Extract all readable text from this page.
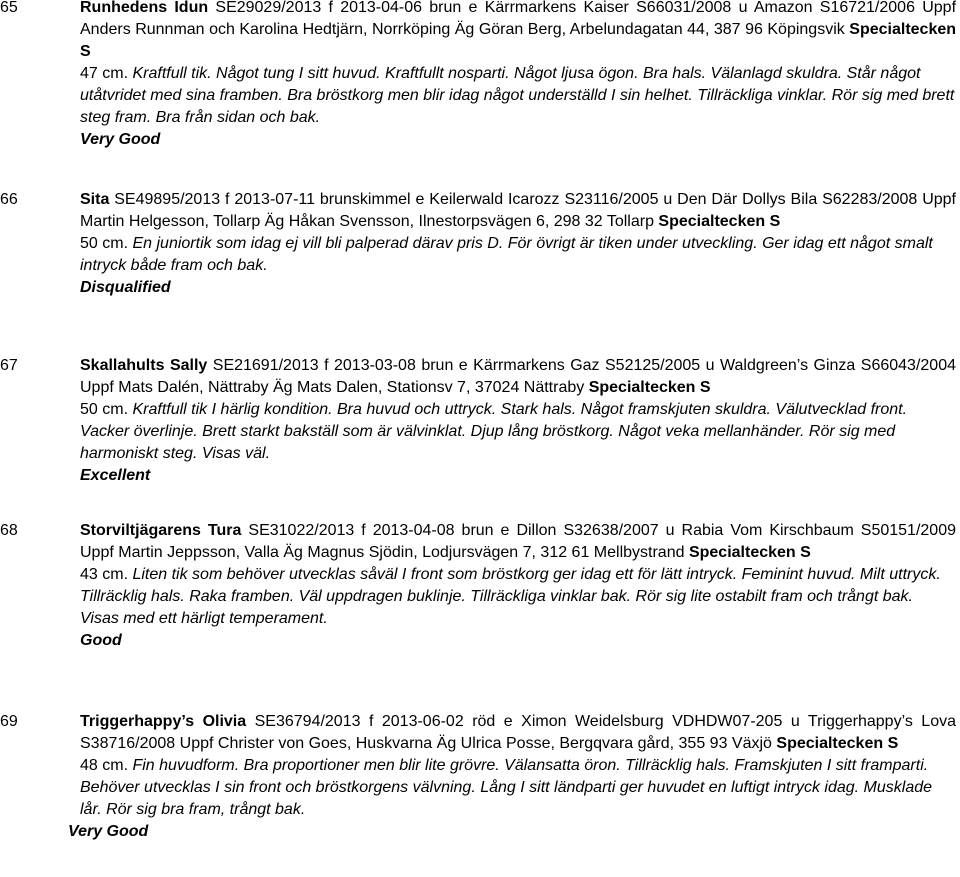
65	Runhedens Idun SE29029/2013 f 2013-04-06 brun e Kärrmarkens Kaiser S66031/2008 u Amazon S16721/2006 Uppf Anders Runnman och Karolina Hedtjärn, Norrköping Äg Göran Berg, Arbelundagatan 44, 387 96 Köpingsvik Specialtecken S
47 cm. Kraftfull tik. Något tung I sitt huvud. Kraftfullt nosparti. Något ljusa ögon. Bra hals. Välanlagd skuldra. Står något utåtvridet med sina framben. Bra bröstkorg men blir idag något underställd I sin helhet. Tillräckliga vinklar. Rör sig med brett steg fram. Bra från sidan och bak.
Very Good
66	Sita SE49895/2013 f 2013-07-11 brunskimmel e Keilerwald Icarozz S23116/2005 u Den Där Dollys Bila S62283/2008 Uppf Martin Helgesson, Tollarp Äg Håkan Svensson, Ilnestorpsvägen 6, 298 32 Tollarp Specialtecken S
50 cm. En juniortik som idag ej vill bli palperad därav pris D. För övrigt är tiken under utveckling. Ger idag ett något smalt intryck både fram och bak.
Disqualified
67	Skallahults Sally SE21691/2013 f 2013-03-08 brun e Kärrmarkens Gaz S52125/2005 u Waldgreen’s Ginza S66043/2004 Uppf Mats Dalén, Nättraby Äg Mats Dalen, Stationsv 7, 37024 Nättraby Specialtecken S
50 cm. Kraftfull tik I härlig kondition. Bra huvud och uttryck. Stark hals. Något framskjuten skuldra. Välutvecklad front. Vacker överlinje. Brett starkt bakställ som är välvinklat. Djup lång bröstkorg. Något veka mellanhänder. Rör sig med harmoniskt steg. Visas väl.
Excellent
68	Storviltjägarens Tura SE31022/2013 f 2013-04-08 brun e Dillon S32638/2007 u Rabia Vom Kirschbaum S50151/2009 Uppf Martin Jeppsson, Valla Äg Magnus Sjödin, Lodjursvägen 7, 312 61 Mellbystrand Specialtecken S
43 cm. Liten tik som behöver utvecklas såväl I front som bröstkorg ger idag ett för lätt intryck. Feminint huvud. Milt uttryck. Tillräcklig hals. Raka framben. Väl uppdragen buklinje. Tillräckliga vinklar bak. Rör sig lite ostabilt fram och trångt bak. Visas med ett härligt temperament.
Good
69	Triggerhappy’s Olivia SE36794/2013 f 2013-06-02 röd e Ximon Weidelsburg VDHDW07-205 u Triggerhappy’s Lova S38716/2008 Uppf Christer von Goes, Huskvarna Äg Ulrica Posse, Bergqvara gård, 355 93 Växjö Specialtecken S
48 cm. Fin huvudform. Bra proportioner men blir lite grövre. Välansatta öron. Tillräcklig hals. Framskjuten I sitt framparti. Behöver utvecklas I sin front och bröstkorgens välvning. Lång I sitt ländparti ger huvudet en luftigt intryck idag. Musklade lår. Rör sig bra fram, trångt bak.
Very Good
